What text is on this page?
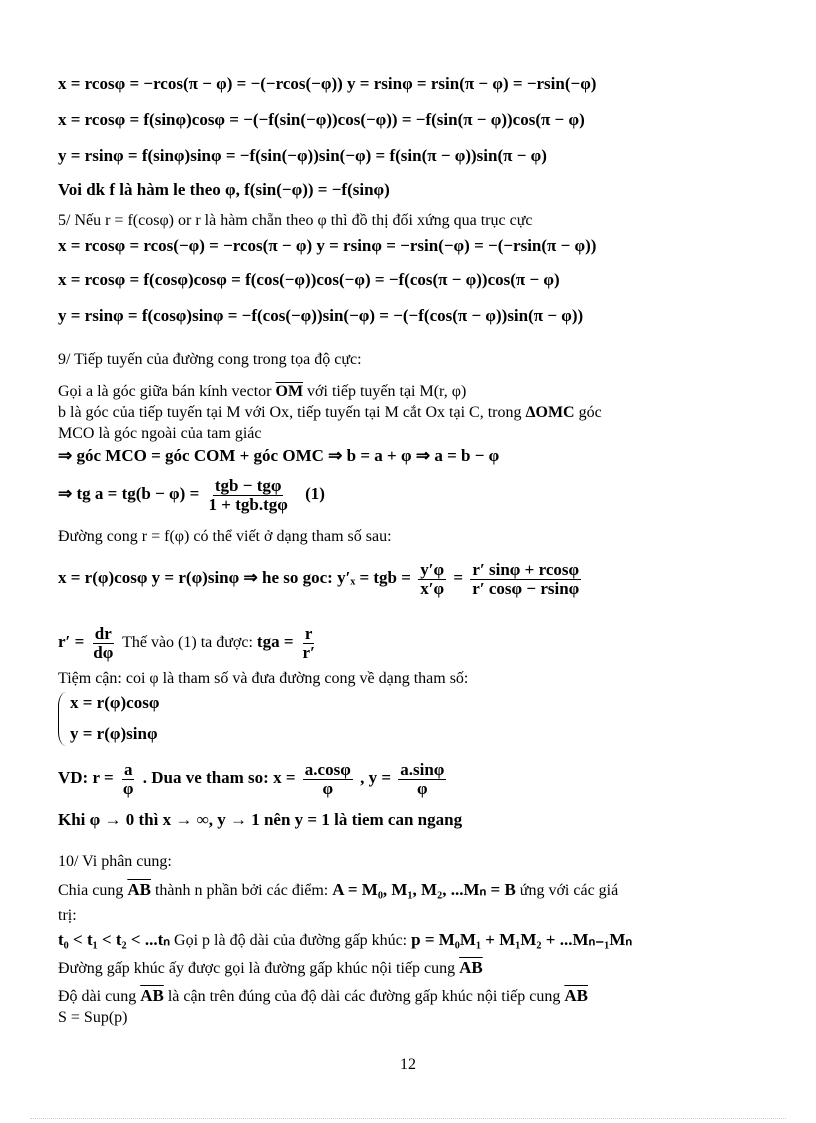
x = rcosφ = −rcos(π − φ) = −(−rcos(−φ)) y = rsinφ = rsin(π − φ) = −rsin(−φ)
x = rcosφ = f(sinφ)cosφ = −(−f(sin(−φ))cos(−φ)) = −f(sin(π − φ))cos(π − φ)
y = rsinφ = f(sinφ)sinφ = −f(sin(−φ))sin(−φ) = f(sin(π − φ))sin(π − φ)
Voi dk f là hàm le theo φ, f(sin(−φ)) = −f(sinφ)
5/ Nếu r = f(cosφ) or r là hàm chẵn theo φ thì đồ thị đối xứng qua trục cực
x = rcosφ = rcos(−φ) = −rcos(π − φ) y = rsinφ = −rsin(−φ) = −(−rsin(π − φ))
x = rcosφ = f(cosφ)cosφ = f(cos(−φ))cos(−φ) = −f(cos(π − φ))cos(π − φ)
y = rsinφ = f(cosφ)sinφ = −f(cos(−φ))sin(−φ) = −(−f(cos(π − φ))sin(π − φ))
9/ Tiếp tuyến của đường cong trong tọa độ cực:
Gọi a là góc giữa bán kính vector $\overline{OM}$ với tiếp tuyến tại M(r, φ)
b là góc của tiếp tuyến tại M với Ox, tiếp tuyến tại M cắt Ox tại C, trong ΔOMC góc
MCO là góc ngoài của tam giác
⇒ góc MCO = góc COM + góc OMC ⇒ b = a + φ ⇒ a = b − φ
⇒ tg $a = tg(b - \varphi) = \frac{\text{tgb − tgφ}}{\text{1 + tgb.tgφ}} (1)$
Đường cong r = f(φ) có thể viết ở dạng tham số sau:
x = r(φ)cosφ y = r(φ)sinφ ⇒ he so goc: y′ₓ = tgb = $\frac{y'\varphi}{x'\varphi} = \frac{r' \sin\varphi + rcos\varphi}{r' \cos\varphi - rsin\varphi}$
$r' = \frac{dr}{d\varphi}$ Thế vào (1) ta được: tga = $\frac{r}{r'}$
Tiệm cận: coi φ là tham số và đưa đường cong về dạng tham số:
x = r(φ)cosφ
y = r(φ)sinφ
VD: $r = \frac{a}{\varphi}$ . Dua ve tham so: $x = \frac{a.\cos\varphi}{\varphi}$ , $y = \frac{a.\sin\varphi}{\varphi}$
Khi φ → 0 thì x → ∞, y → 1 nên y = 1 là tiem can ngang
10/ Vi phân cung:
Chia cung $\overline{AB}$ thành n phần bởi các điểm: A = M₀, M₁, M₂, ...Mₙ = B ứng với các giá
trị:
t₀ < t₁ < t₂ < ...tₙ Gọi p là độ dài của đường gấp khúc: p = M₀M₁ + M₁M₂ + ...Mₙ₋₁Mₙ
Đường gấp khúc ấy được gọi là đường gấp khúc nội tiếp cung $\overline{AB}$
Độ dài cung $\overline{AB}$ là cận trên đúng của độ dài các đường gấp khúc nội tiếp cung $\overline{AB}$
S = Sup(p)
12
